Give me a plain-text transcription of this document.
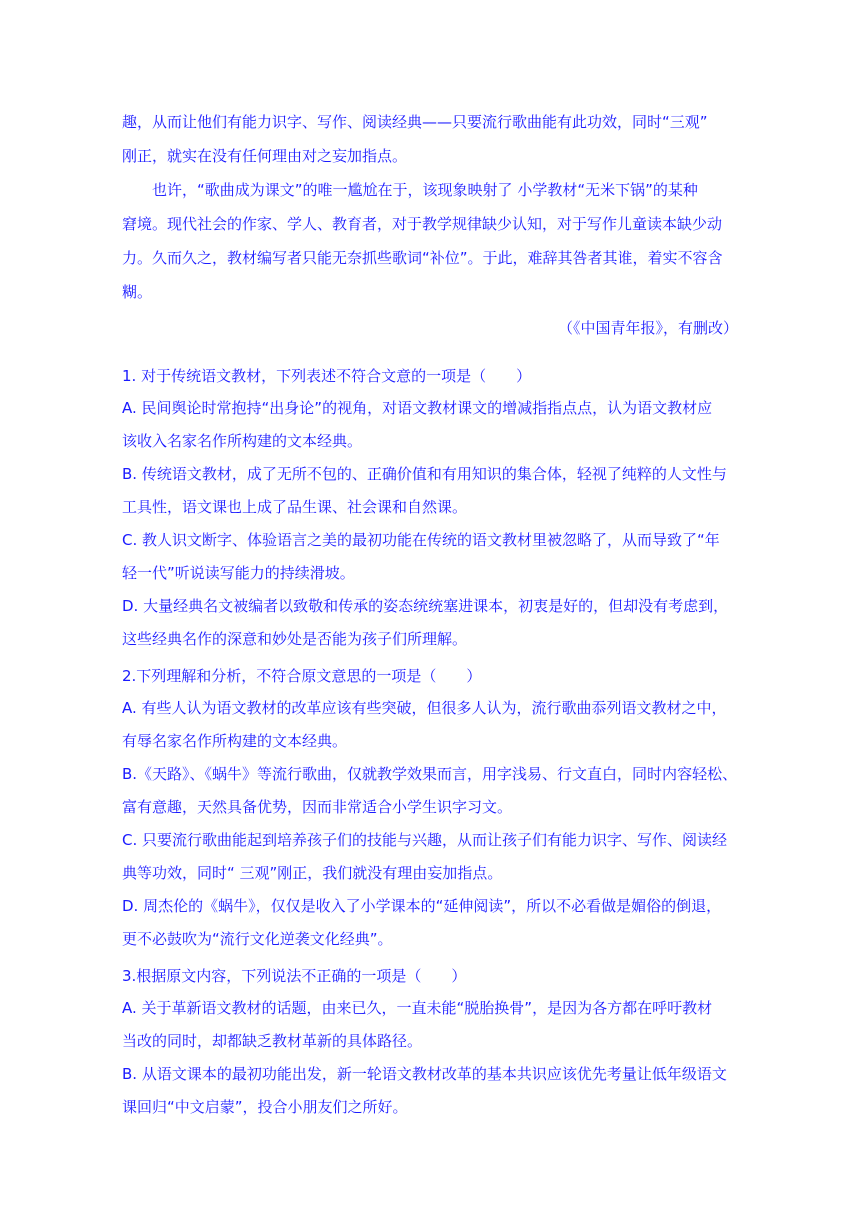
趣，从而让他们有能力识字、写作、阅读经典——只要流行歌曲能有此功效，同时“三观”

刚正，就实在没有任何理由对之妄加指点。

也许，“歌曲成为课文”的唯一尴尬在于，该现象映射了 小学教材“无米下锅”的某种

窘境。现代社会的作家、学人、教育者，对于教学规律缺少认知，对于写作儿童读本缺少动

力。久而久之，教材编写者只能无奈抓些歌词“补位”。于此，难辞其咎者其谁，着实不容含

糊。

（《中国青年报》，有删改）

1. 对于传统语文教材，下列表述不符合文意的一项是（　　）

A. 民间舆论时常抱持“出身论”的视角，对语文教材课文的增减指指点点，认为语文教材应

该收入名家名作所构建的文本经典。

B. 传统语文教材，成了无所不包的、正确价值和有用知识的集合体，轻视了纯粹的人文性与

工具性，语文课也上成了品生课、社会课和自然课。

C. 教人识文断字、体验语言之美的最初功能在传统的语文教材里被忽略了，从而导致了“年

轻一代”听说读写能力的持续滑坡。

D. 大量经典名文被编者以致敬和传承的姿态统统塞进课本，初衷是好的，但却没有考虑到，

这些经典名作的深意和妙处是否能为孩子们所理解。

2.下列理解和分析，不符合原文意思的一项是（　　）

A. 有些人认为语文教材的改革应该有些突破，但很多人认为，流行歌曲忝列语文教材之中，

有辱名家名作所构建的文本经典。

B.《天路》、《蜗牛》等流行歌曲，仅就教学效果而言，用字浅易、行文直白，同时内容轻松、

富有意趣，天然具备优势，因而非常适合小学生识字习文。

C. 只要流行歌曲能起到培养孩子们的技能与兴趣，从而让孩子们有能力识字、写作、阅读经

典等功效，同时“ 三观”刚正，我们就没有理由妄加指点。

D. 周杰伦的《蜗牛》，仅仅是收入了小学课本的“延伸阅读”，所以不必看做是媚俗的倒退，

更不必鼓吹为“流行文化逆袭文化经典”。

3.根据原文内容，下列说法不正确的一项是（　　）

A. 关于革新语文教材的话题，由来已久，一直未能“脱胎换骨”，是因为各方都在呼吁教材

当改的同时，却都缺乏教材革新的具体路径。

B. 从语文课本的最初功能出发，新一轮语文教材改革的基本共识应该优先考量让低年级语文

课回归“中文启蒙”，投合小朋友们之所好。
